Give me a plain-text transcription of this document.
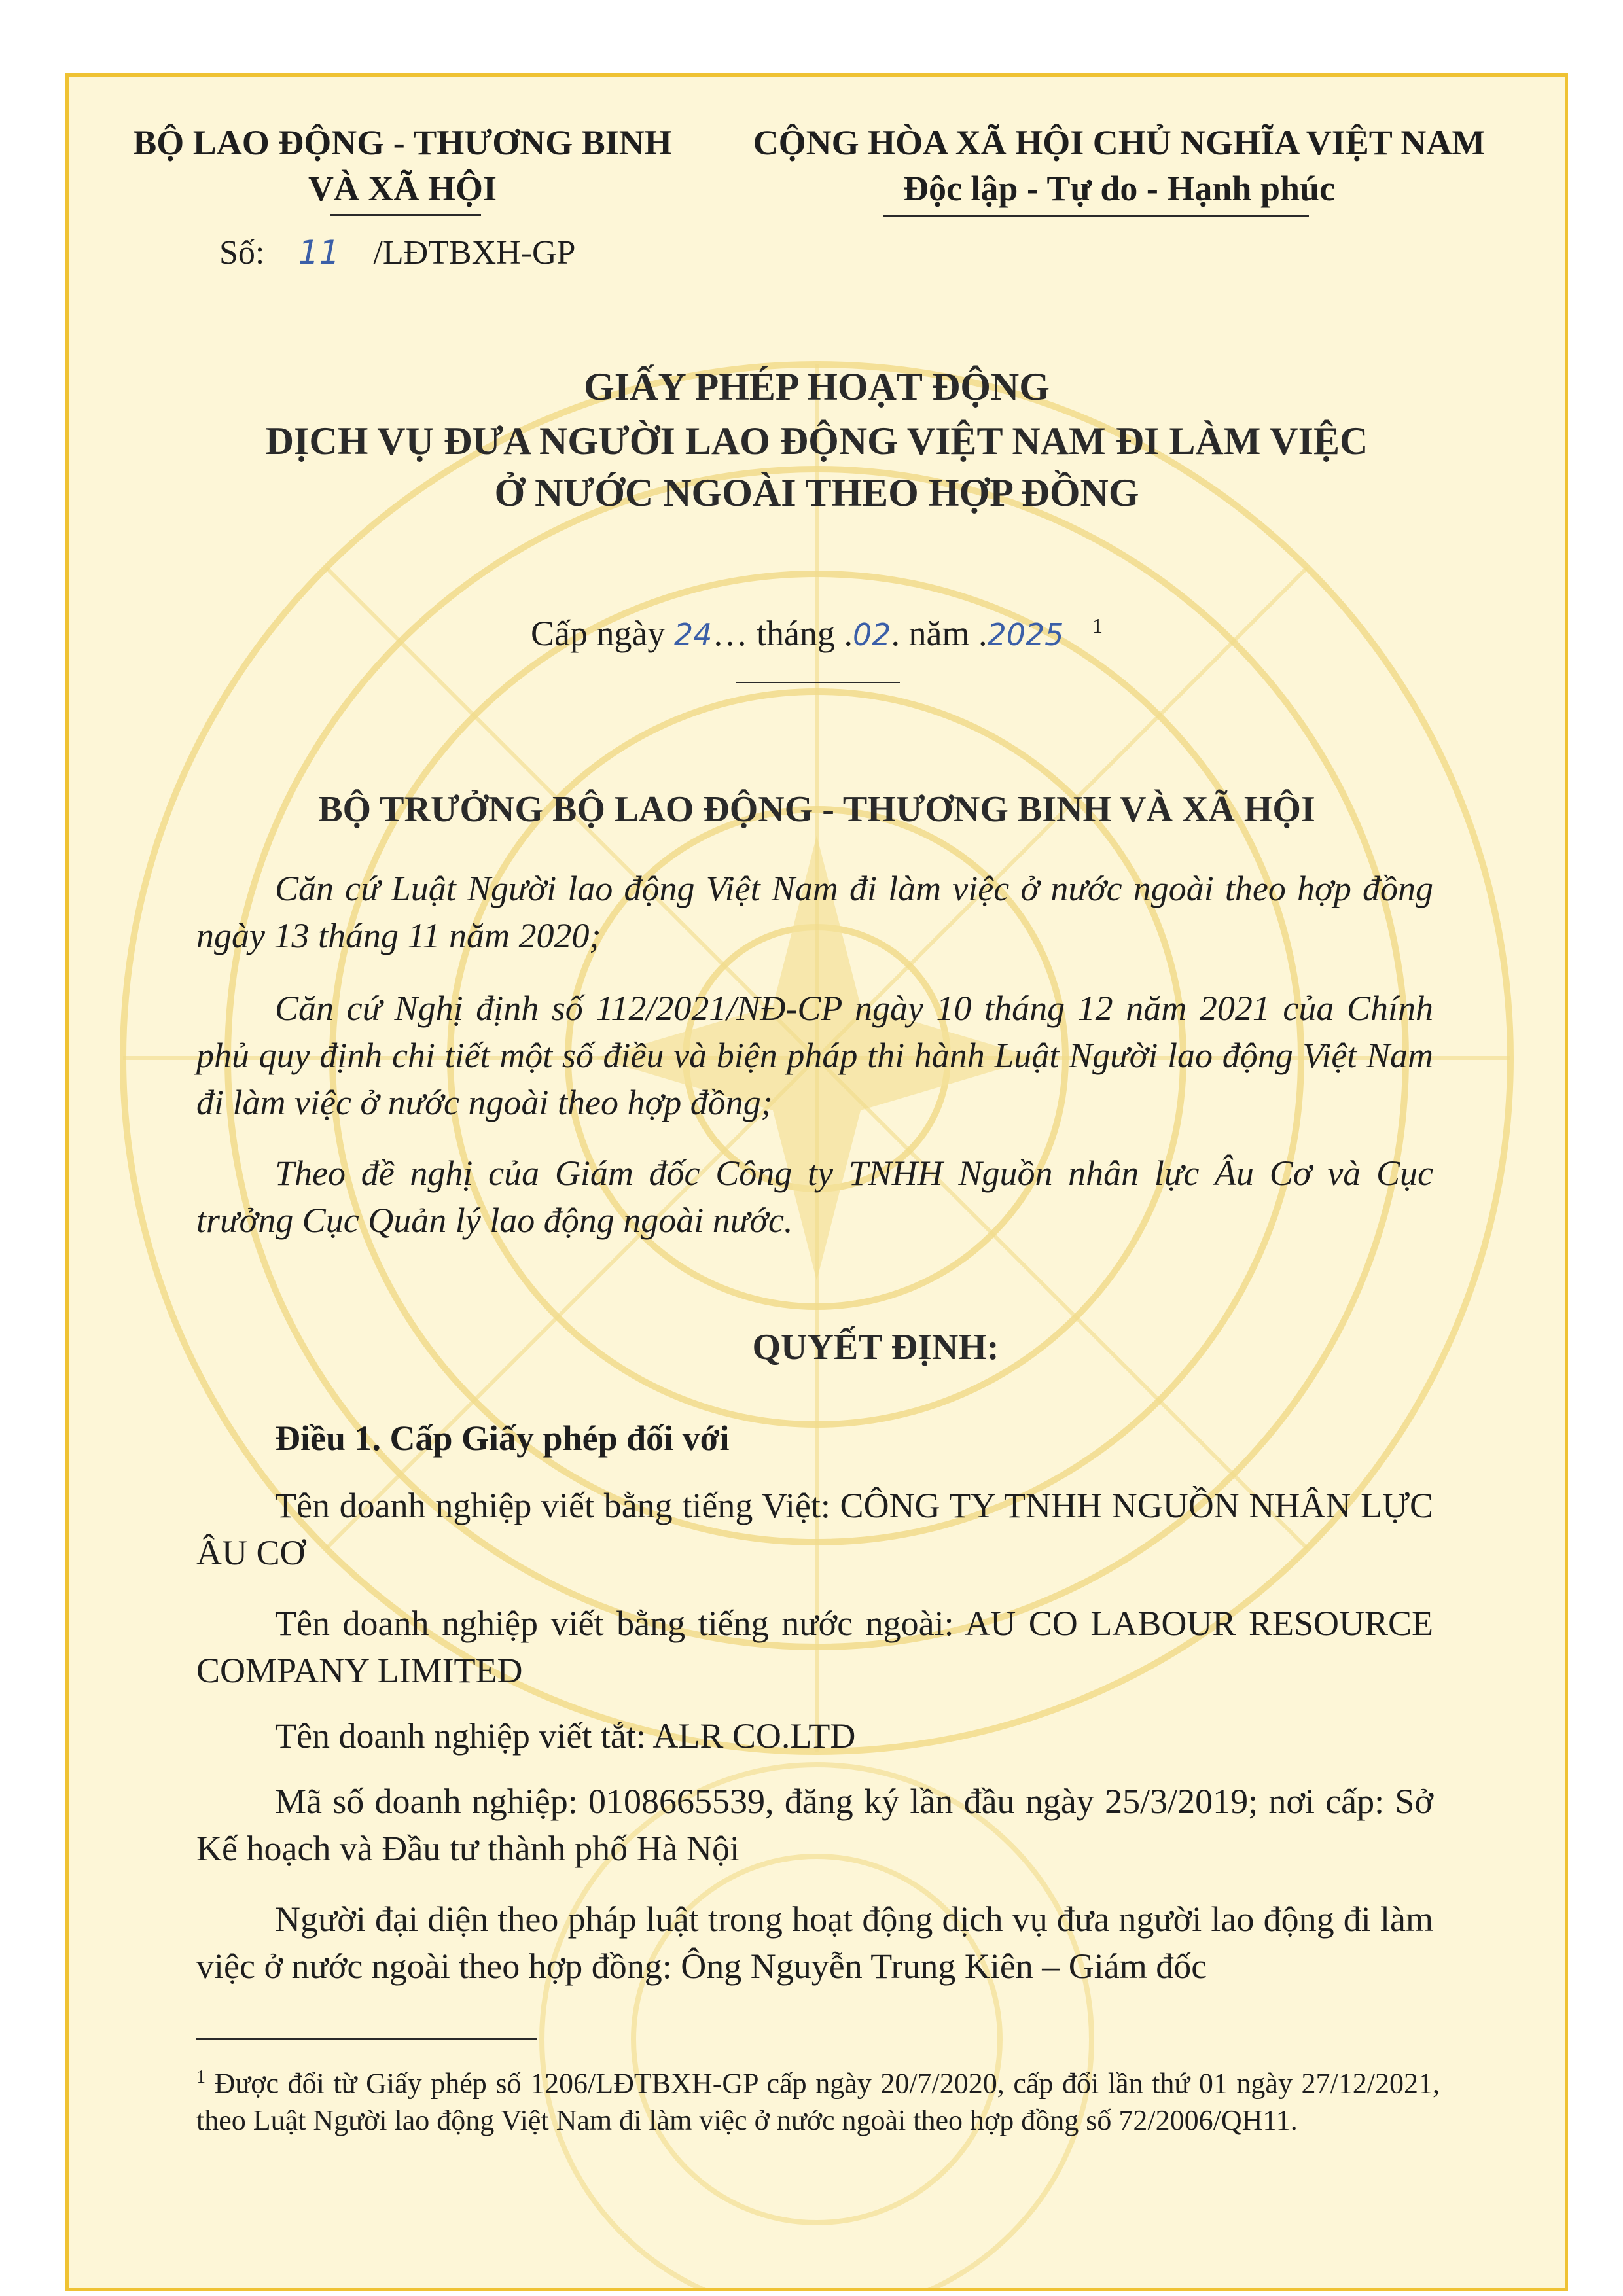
BỘ LAO ĐỘNG - THƯƠNG BINH
VÀ XÃ HỘI
CỘNG HÒA XÃ HỘI CHỦ NGHĨA VIỆT NAM
Độc lập - Tự do - Hạnh phúc
Số: 11 /LĐTBXH-GP
GIẤY PHÉP HOẠT ĐỘNG
DỊCH VỤ ĐƯA NGƯỜI LAO ĐỘNG VIỆT NAM ĐI LÀM VIỆC
Ở NƯỚC NGOÀI THEO HỢP ĐỒNG
Cấp ngày 24… tháng .02. năm .2025 $^1$
BỘ TRƯỞNG BỘ LAO ĐỘNG - THƯƠNG BINH VÀ XÃ HỘI

Căn cứ Luật Người lao động Việt Nam đi làm việc ở nước ngoài theo hợp đồng ngày 13 tháng 11 năm 2020;

Căn cứ Nghị định số 112/2021/NĐ-CP ngày 10 tháng 12 năm 2021 của Chính phủ quy định chi tiết một số điều và biện pháp thi hành Luật Người lao động Việt Nam đi làm việc ở nước ngoài theo hợp đồng;

Theo đề nghị của Giám đốc Công ty TNHH Nguồn nhân lực Âu Cơ và Cục trưởng Cục Quản lý lao động ngoài nước.

QUYẾT ĐỊNH:
Điều 1. Cấp Giấy phép đối với

Tên doanh nghiệp viết bằng tiếng Việt: CÔNG TY TNHH NGUỒN NHÂN LỰC ÂU CƠ

Tên doanh nghiệp viết bằng tiếng nước ngoài: AU CO LABOUR RESOURCE COMPANY LIMITED

Tên doanh nghiệp viết tắt: ALR CO.LTD

Mã số doanh nghiệp: 0108665539, đăng ký lần đầu ngày 25/3/2019; nơi cấp: Sở Kế hoạch và Đầu tư thành phố Hà Nội

Người đại diện theo pháp luật trong hoạt động dịch vụ đưa người lao động đi làm việc ở nước ngoài theo hợp đồng: Ông Nguyễn Trung Kiên – Giám đốc

$^1$ Được đổi từ Giấy phép số 1206/LĐTBXH-GP cấp ngày 20/7/2020, cấp đổi lần thứ 01 ngày 27/12/2021, theo Luật Người lao động Việt Nam đi làm việc ở nước ngoài theo hợp đồng số 72/2006/QH11.
